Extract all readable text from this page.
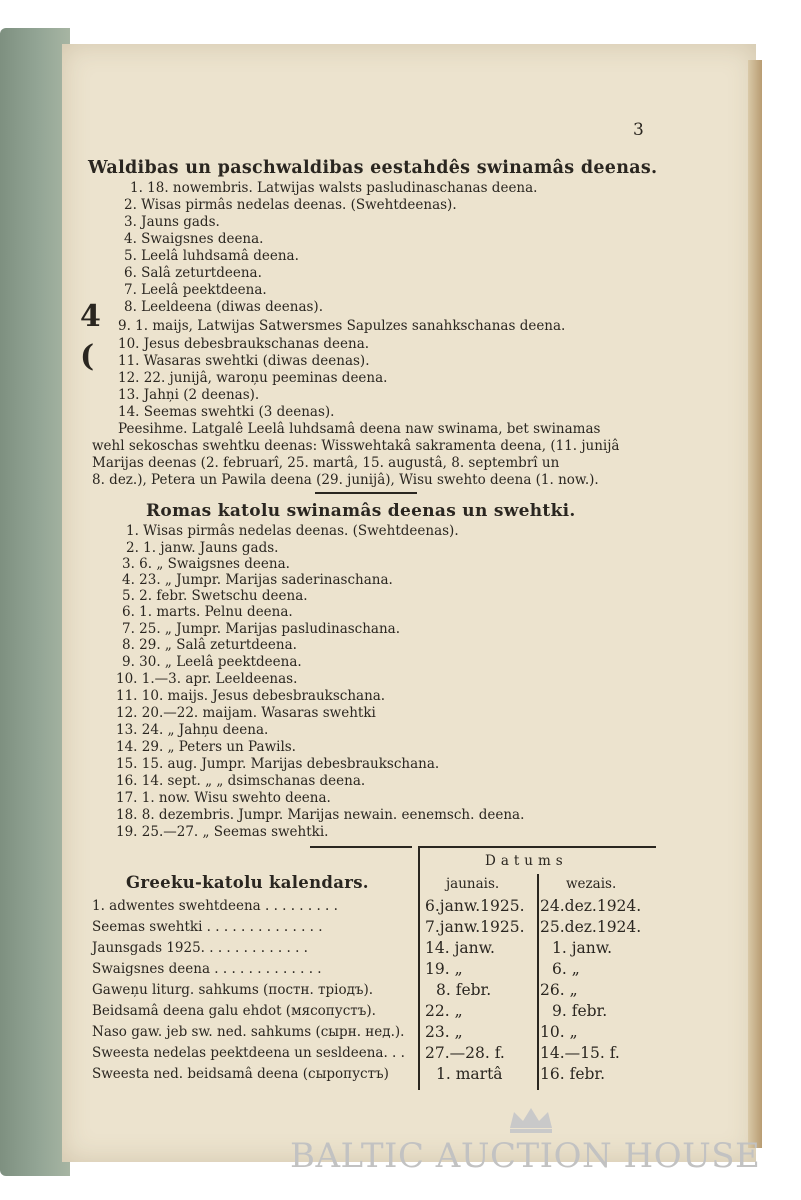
3
Waldibas un paschwaldibas eestahdês swinamâs deenas.
1. 18. nowembris. Latwijas walsts pasludinaschanas deena.
2. Wisas pirmâs nedelas deenas. (Swehtdeenas).
3. Jauns gads.
4. Swaigsnes deena.
5. Leelâ luhdsamâ deena.
6. Salâ zeturtdeena.
7. Leelâ peektdeena.
8. Leeldeena (diwas deenas).
9. 1. maijs, Latwijas Satwersmes Sapulzes sanahkschanas deena.
10. Jesus debesbraukschanas deena.
11. Wasaras swehtki (diwas deenas).
12. 22. junijâ, waroņu peeminas deena.
13. Jahņi (2 deenas).
14. Seemas swehtki (3 deenas).
4
(
Peesihme. Latgalê Leelâ luhdsamâ deena naw swinama, bet swinamas
wehl sekoschas swehtku deenas: Wisswehtakâ sakramenta deena, (11. junijâ
Marijas deenas (2. februarî, 25. martâ, 15. augustâ, 8. septembrî un
8. dez.), Petera un Pawila deena (29. junijâ), Wisu swehto deena (1. now.).
Romas katolu swinamâs deenas un swehtki.
1. Wisas pirmâs nedelas deenas. (Swehtdeenas).
2. 1. janw. Jauns gads.
3. 6. „ Swaigsnes deena.
4. 23. „ Jumpr. Marijas saderinaschana.
5. 2. febr. Swetschu deena.
6. 1. marts. Pelnu deena.
7. 25. „ Jumpr. Marijas pasludinaschana.
8. 29. „ Salâ zeturtdeena.
9. 30. „ Leelâ peektdeena.
10. 1.—3. apr. Leeldeenas.
11. 10. maijs. Jesus debesbraukschana.
12. 20.—22. maijam. Wasaras swehtki
13. 24. „ Jahņu deena.
14. 29. „ Peters un Pawils.
15. 15. aug. Jumpr. Marijas debesbraukschana.
16. 14. sept. „ „ dsimschanas deena.
17. 1. now. Wisu swehto deena.
18. 8. dezembris. Jumpr. Marijas newain. eenemsch. deena.
19. 25.—27. „ Seemas swehtki.
Greeku-katolu kalendars.
Datums
jaunais.	wezais.
1. adwentes swehtdeena . . . . . . . . .	6.janw.1925. 24.dez.1924.
Seemas swehtki . . . . . . . . . . . . . .	7.janw.1925. 25.dez.1924.
Jaunsgads 1925. . . . . . . . . . . . .	14. janw.	1. janw.
Swaigsnes deena . . . . . . . . . . . . .	19. „	6. „
Gaweņu liturg. sahkums (постн. тріодъ).	8. febr.	26. „
Beidsamâ deena galu ehdot (мясопустъ).	22. „	9. febr.
Naso gaw. jeb sw. ned. sahkums (сырн. нед.). 23. „	10. „
Sweesta nedelas peektdeena un sesldeena. . . 27.—28. f. 14.—15. f.
Sweesta ned. beidsamâ deena (сыропустъ)	1. martâ 16. febr.
BALTIC AUCTION HOUSE
